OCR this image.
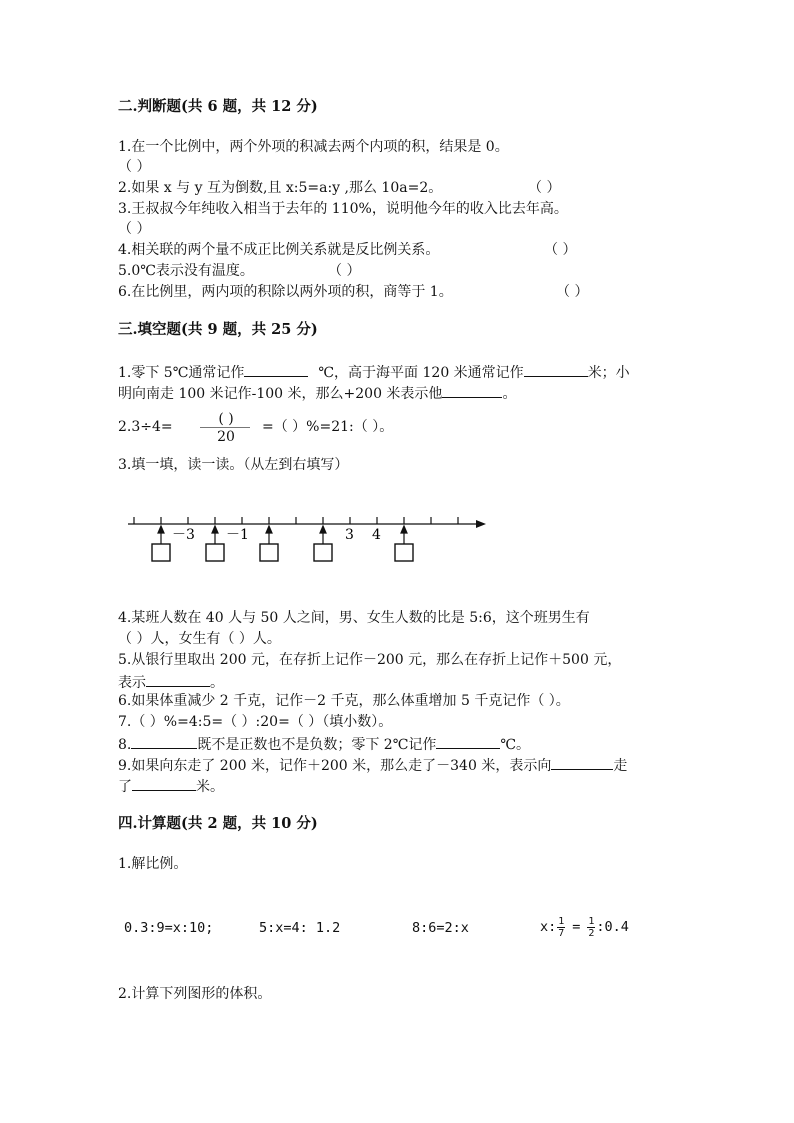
二.判断题(共 6 题，共 12 分)
1.在一个比例中，两个外项的积减去两个内项的积，结果是 0。
（ ）
2.如果 x 与 y 互为倒数,且 x:5=a:y ,那么 10a=2。	（ ）
3.王叔叔今年纯收入相当于去年的 110%，说明他今年的收入比去年高。
（ ）
4.相关联的两个量不成正比例关系就是反比例关系。	（ ）
5.0℃表示没有温度。	（ ）
6.在比例里，两内项的积除以两外项的积，商等于 1。	（ ）
三.填空题(共 9 题，共 25 分)
1.零下 5℃通常记作	℃，高于海平面 120 米通常记作	米；小
明向南走 100 米记作-100 米，那么+200 米表示他	。
2.3÷4=	( )
20
=（ ）%=21:（ ）。
3.填一填，读一读。（从左到右填写）
－3 －1	3 4
4.某班人数在 40 人与 50 人之间，男、女生人数的比是 5:6，这个班男生有
（ ）人，女生有（ ）人。
5.从银行里取出 200 元，在存折上记作－200 元，那么在存折上记作＋500 元，
表示	。
6.如果体重减少 2 千克，记作－2 千克，那么体重增加 5 千克记作（ ）。
7.（ ）%=4:5=（ ）:20=（ ）（填小数）。
8.	既不是正数也不是负数；零下 2℃记作	℃。
9.如果向东走了 200 米，记作＋200 米，那么走了－340 米，表示向	走
了	米。
四.计算题(共 2 题，共 10 分)
1.解比例。
0.3:9=x:10;	5:x=4: 1.2	8:6=2:x	x: 1
7 = 1
2 :0.4
2.计算下列图形的体积。
